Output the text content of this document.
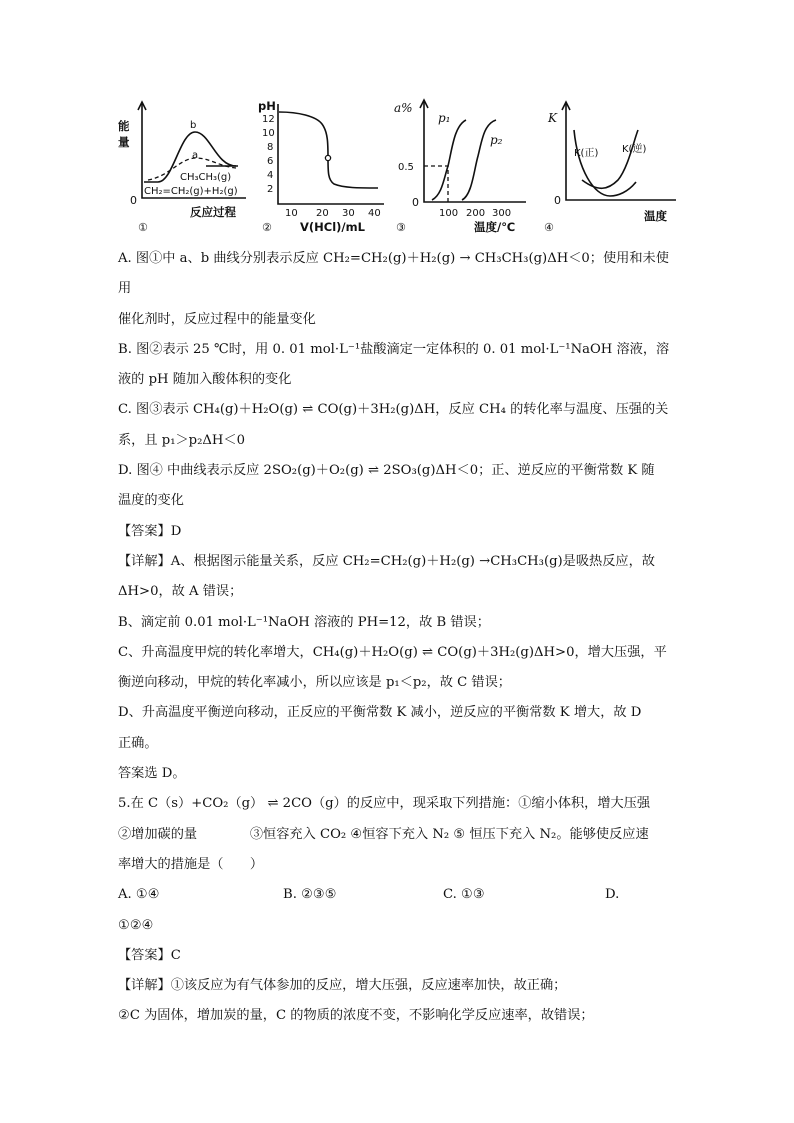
能
量
b
a
CH₃CH₃(g)
CH₂=CH₂(g)+H₂(g)
0
反应过程
①
pH
12
10
8
6
4
2
10 20 30 40
② V(HCl)/mL
a%
0.5
p₁
p₂
0
100 200 300
③	温度/℃
K
K(正) K(逆)
0
④
温度

A. 图①中 a、b 曲线分别表示反应 CH₂=CH₂(g)＋H₂(g) → CH₃CH₃(g)ΔH＜0；使用和未使用

催化剂时，反应过程中的能量变化

B. 图②表示 25 ℃时，用 0. 01 mol·L⁻¹盐酸滴定一定体积的 0. 01 mol·L⁻¹NaOH 溶液，溶

液的 pH 随加入酸体积的变化

C. 图③表示 CH₄(g)＋H₂O(g) ⇌ CO(g)＋3H₂(g)ΔH，反应 CH₄ 的转化率与温度、压强的关

系，且 p₁＞p₂ΔH＜0

D. 图④ 中曲线表示反应 2SO₂(g)＋O₂(g) ⇌ 2SO₃(g)ΔH＜0；正、逆反应的平衡常数 K 随

温度的变化

【答案】D

【详解】A、根据图示能量关系，反应 CH₂=CH₂(g)＋H₂(g) →CH₃CH₃(g)是吸热反应，故

ΔH>0，故 A 错误；

B、滴定前 0.01 mol·L⁻¹NaOH 溶液的 PH=12，故 B 错误；

C、升高温度甲烷的转化率增大，CH₄(g)＋H₂O(g) ⇌ CO(g)＋3H₂(g)ΔH>0，增大压强，平

衡逆向移动，甲烷的转化率减小，所以应该是 p₁＜p₂，故 C 错误；

D、升高温度平衡逆向移动，正反应的平衡常数 K 减小，逆反应的平衡常数 K 增大，故 D

正确。

答案选 D。

5.在 C（s）+CO₂（g） ⇌ 2CO（g）的反应中，现采取下列措施：①缩小体积，增大压强

②增加碳的量　　　　③恒容充入 CO₂ ④恒容下充入 N₂ ⑤ 恒压下充入 N₂。能够使反应速

率增大的措施是（　　）

A. ①④	B. ②③⑤	C. ①③	D.

①②④

【答案】C

【详解】①该反应为有气体参加的反应，增大压强，反应速率加快，故正确；

②C 为固体，增加炭的量，C 的物质的浓度不变，不影响化学反应速率，故错误；
